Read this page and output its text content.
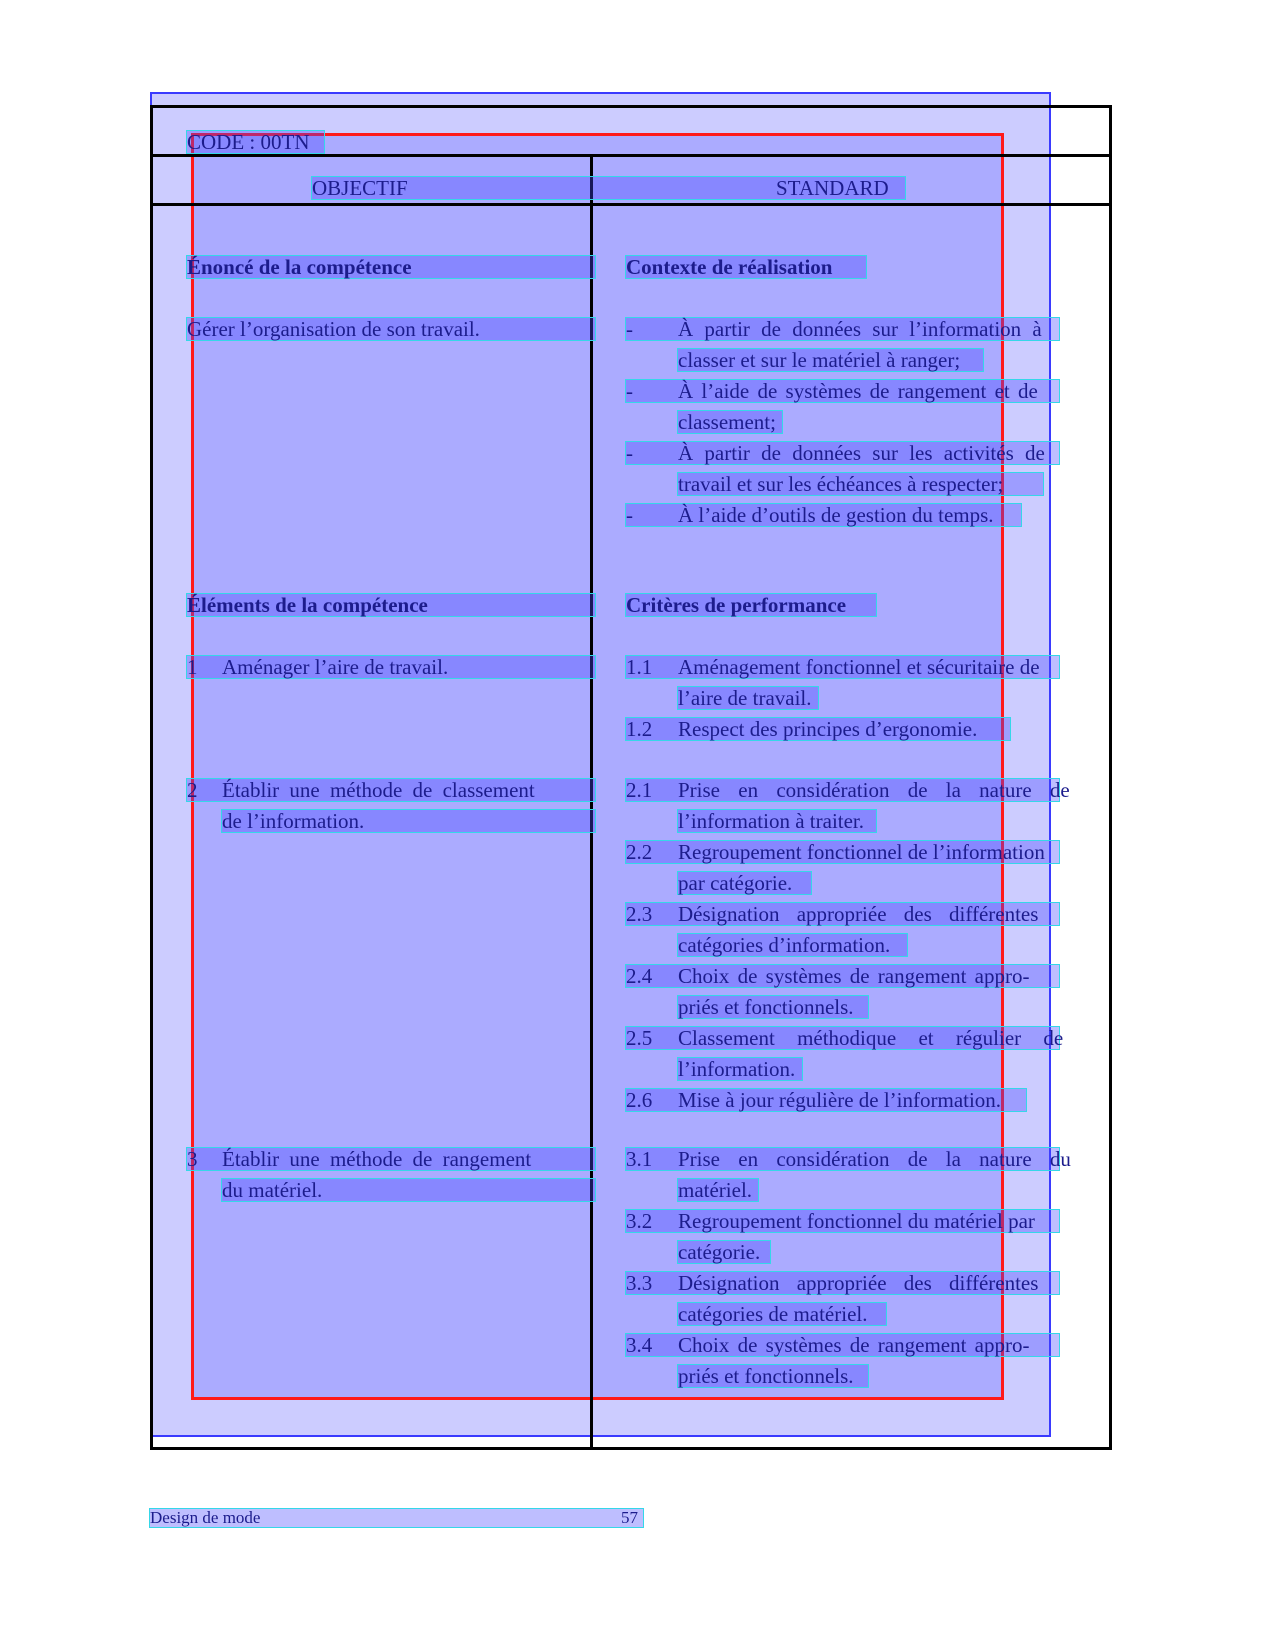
CODE : 00TN
OBJECTIF	STANDARD
Énoncé de la compétence
Gérer l’organisation de son travail.
Éléments de la compétence
1 Aménager l’aire de travail.
2 Établir une méthode de classement
de l’information.
3 Établir une méthode de rangement
du matériel.
Contexte de réalisation
- À partir de données sur l’information à
classer et sur le matériel à ranger;
- À l’aide de systèmes de rangement et de
classement;
- À partir de données sur les activités de
travail et sur les échéances à respecter;
- À l’aide d’outils de gestion du temps.
Critères de performance
1.1 Aménagement fonctionnel et sécuritaire de
l’aire de travail.
1.2 Respect des principes d’ergonomie.
2.1 Prise en considération de la nature de
l’information à traiter.
2.2 Regroupement fonctionnel de l’information
par catégorie.
2.3 Désignation appropriée des différentes
catégories d’information.
2.4 Choix de systèmes de rangement appro-
priés et fonctionnels.
2.5 Classement méthodique et régulier de
l’information.
2.6 Mise à jour régulière de l’information.
3.1 Prise en considération de la nature du
matériel.
3.2 Regroupement fonctionnel du matériel par
catégorie.
3.3 Désignation appropriée des différentes
catégories de matériel.
3.4 Choix de systèmes de rangement appro-
priés et fonctionnels.
Design de mode	57
